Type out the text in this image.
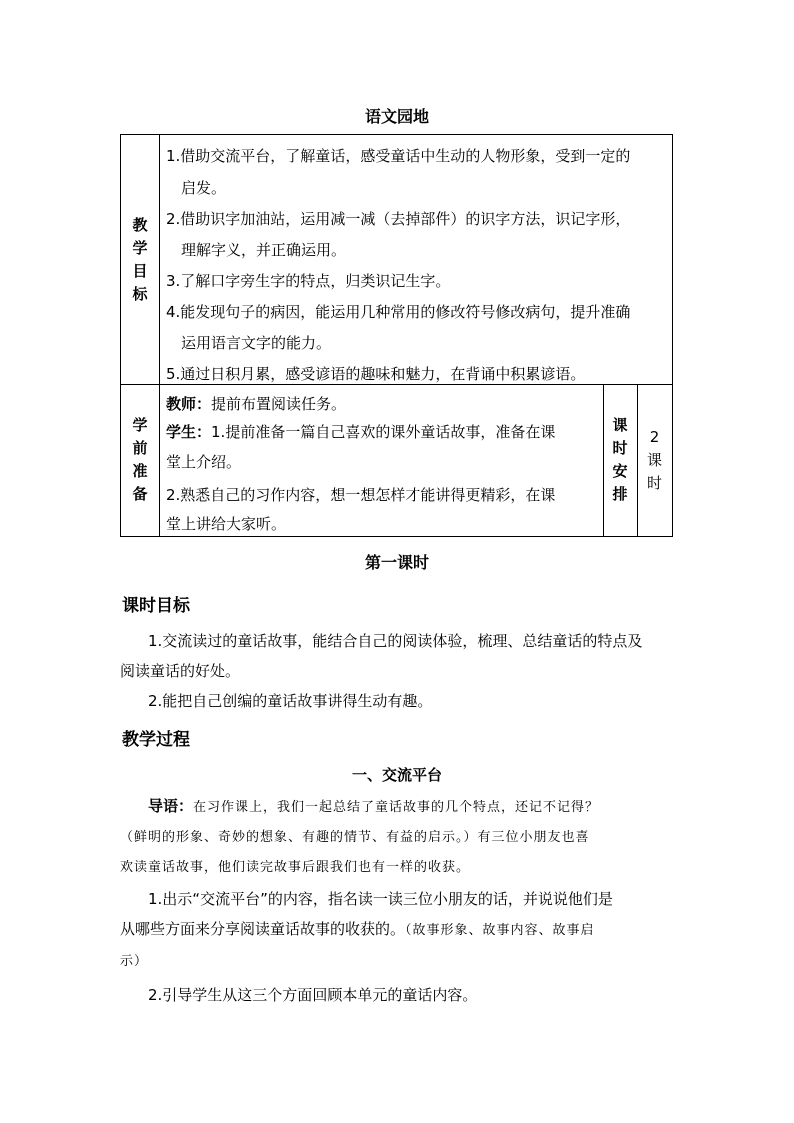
语文园地
教
学
目
标
1.借助交流平台，了解童话，感受童话中生动的人物形象，受到一定的
启发。
2.借助识字加油站，运用减一减（去掉部件）的识字方法，识记字形，
理解字义，并正确运用。
3.了解口字旁生字的特点，归类识记生字。
4.能发现句子的病因，能运用几种常用的修改符号修改病句，提升准确
运用语言文字的能力。
5.通过日积月累，感受谚语的趣味和魅力，在背诵中积累谚语。
学
前
准
备
教师：提前布置阅读任务。
学生：1.提前准备一篇自己喜欢的课外童话故事，准备在课
堂上介绍。
2.熟悉自己的习作内容，想一想怎样才能讲得更精彩，在课
堂上讲给大家听。
课
时
安
排
2
课
时
第一课时
课时目标
1.交流读过的童话故事，能结合自己的阅读体验，梳理、总结童话的特点及
阅读童话的好处。
2.能把自己创编的童话故事讲得生动有趣。
教学过程
一、交流平台
导语：在习作课上，我们一起总结了童话故事的几个特点，还记不记得？
（鲜明的形象、奇妙的想象、有趣的情节、有益的启示。）有三位小朋友也喜
欢读童话故事，他们读完故事后跟我们也有一样的收获。
1.出示“交流平台”的内容，指名读一读三位小朋友的话，并说说他们是
从哪些方面来分享阅读童话故事的收获的。（故事形象、故事内容、故事启
示）
2.引导学生从这三个方面回顾本单元的童话内容。
